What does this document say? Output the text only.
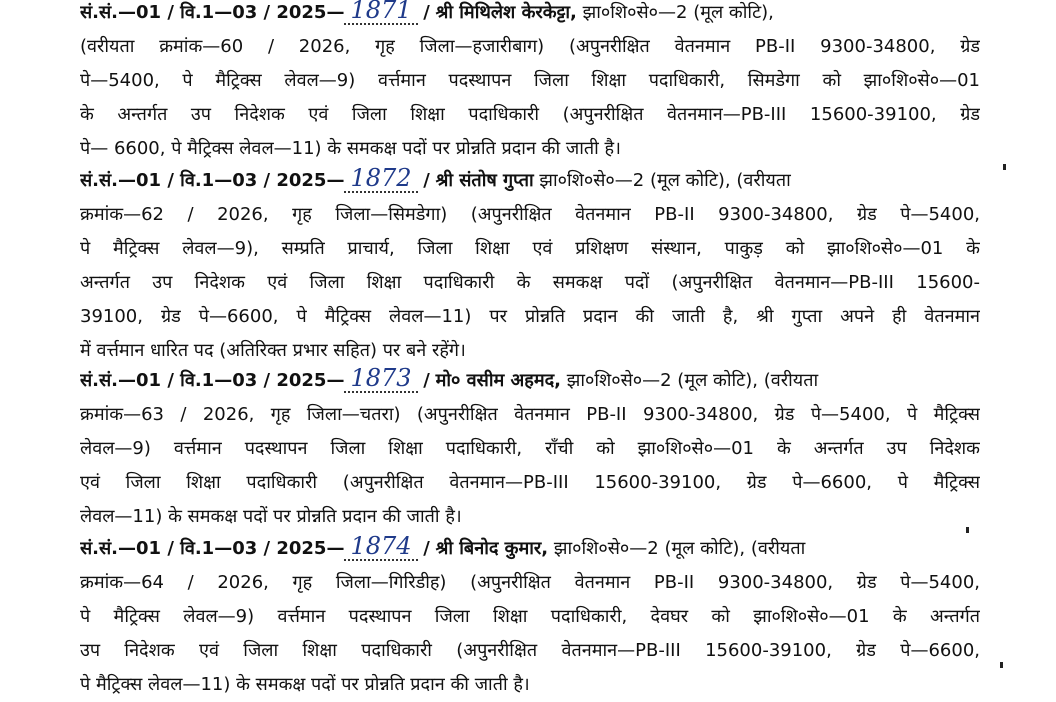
सं.सं.—01 / वि.1—03 / 2025— 1871 / श्री मिथिलेश केरकेट्टा, झा०शि०से०—2 (मूल कोटि),
(वरीयता क्रमांक—60 / 2026, गृह जिला—हजारीबाग) (अपुनरीक्षित वेतनमान PB-II 9300-34800, ग्रेड
पे—5400, पे मैट्रिक्स लेवल—9) वर्त्तमान पदस्थापन जिला शिक्षा पदाधिकारी, सिमडेगा को झा०शि०से०—01
के अन्तर्गत उप निदेशक एवं जिला शिक्षा पदाधिकारी (अपुनरीक्षित वेतनमान—PB-III 15600-39100, ग्रेड
पे— 6600, पे मैट्रिक्स लेवल—11) के समकक्ष पदों पर प्रोन्नति प्रदान की जाती है।
सं.सं.—01 / वि.1—03 / 2025— 1872 / श्री संतोष गुप्ता झा०शि०से०—2 (मूल कोटि), (वरीयता
क्रमांक—62 / 2026, गृह जिला—सिमडेगा) (अपुनरीक्षित वेतनमान PB-II 9300-34800, ग्रेड पे—5400,
पे मैट्रिक्स लेवल—9), सम्प्रति प्राचार्य, जिला शिक्षा एवं प्रशिक्षण संस्थान, पाकुड़ को झा०शि०से०—01 के
अन्तर्गत उप निदेशक एवं जिला शिक्षा पदाधिकारी के समकक्ष पदों (अपुनरीक्षित वेतनमान—PB-III 15600-
39100, ग्रेड पे—6600, पे मैट्रिक्स लेवल—11) पर प्रोन्नति प्रदान की जाती है, श्री गुप्ता अपने ही वेतनमान
में वर्त्तमान धारित पद (अतिरिक्त प्रभार सहित) पर बने रहेंगे।
सं.सं.—01 / वि.1—03 / 2025— 1873 / मो० वसीम अहमद, झा०शि०से०—2 (मूल कोटि), (वरीयता
क्रमांक—63 / 2026, गृह जिला—चतरा) (अपुनरीक्षित वेतनमान PB-II 9300-34800, ग्रेड पे—5400, पे मैट्रिक्स
लेवल—9) वर्त्तमान पदस्थापन जिला शिक्षा पदाधिकारी, राँची को झा०शि०से०—01 के अन्तर्गत उप निदेशक
एवं जिला शिक्षा पदाधिकारी (अपुनरीक्षित वेतनमान—PB-III 15600-39100, ग्रेड पे—6600, पे मैट्रिक्स
लेवल—11) के समकक्ष पदों पर प्रोन्नति प्रदान की जाती है।
सं.सं.—01 / वि.1—03 / 2025— 1874 / श्री बिनोद कुमार, झा०शि०से०—2 (मूल कोटि), (वरीयता
क्रमांक—64 / 2026, गृह जिला—गिरिडीह) (अपुनरीक्षित वेतनमान PB-II 9300-34800, ग्रेड पे—5400,
पे मैट्रिक्स लेवल—9) वर्त्तमान पदस्थापन जिला शिक्षा पदाधिकारी, देवघर को झा०शि०से०—01 के अन्तर्गत
उप निदेशक एवं जिला शिक्षा पदाधिकारी (अपुनरीक्षित वेतनमान—PB-III 15600-39100, ग्रेड पे—6600,
पे मैट्रिक्स लेवल—11) के समकक्ष पदों पर प्रोन्नति प्रदान की जाती है।
